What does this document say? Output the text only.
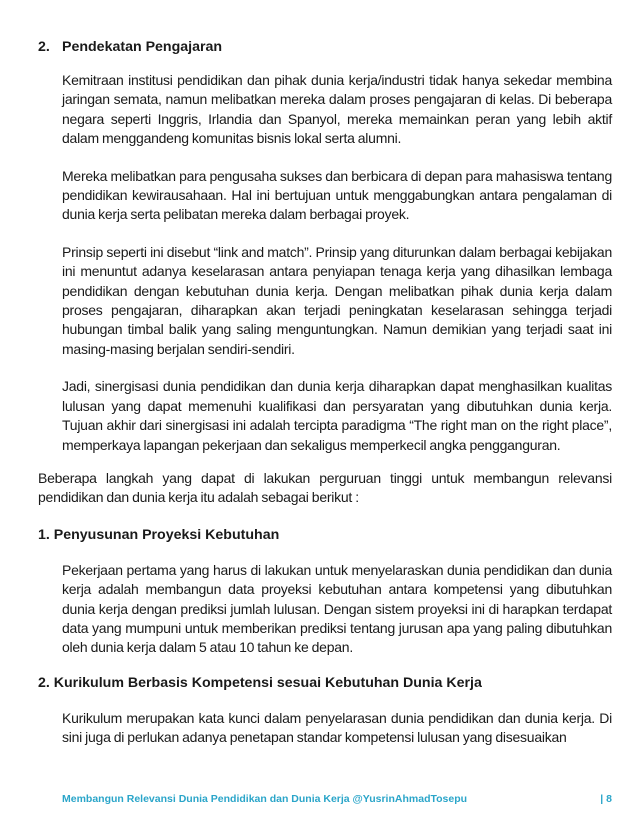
2. Pendekatan Pengajaran

Kemitraan institusi pendidikan dan pihak dunia kerja/industri tidak hanya sekedar membina jaringan semata, namun melibatkan mereka dalam proses pengajaran di kelas. Di beberapa negara seperti Inggris, Irlandia dan Spanyol, mereka memainkan peran yang lebih aktif dalam menggandeng komunitas bisnis lokal serta alumni.

Mereka melibatkan para pengusaha sukses dan berbicara di depan para mahasiswa tentang pendidikan kewirausahaan. Hal ini bertujuan untuk menggabungkan antara pengalaman di dunia kerja serta pelibatan mereka dalam berbagai proyek.

Prinsip seperti ini disebut “link and match”. Prinsip yang diturunkan dalam berbagai kebijakan ini menuntut adanya keselarasan antara penyiapan tenaga kerja yang dihasilkan lembaga pendidikan dengan kebutuhan dunia kerja. Dengan melibatkan pihak dunia kerja dalam proses pengajaran, diharapkan akan terjadi peningkatan keselarasan sehingga terjadi hubungan timbal balik yang saling menguntungkan. Namun demikian yang terjadi saat ini masing-masing berjalan sendiri-sendiri.

Jadi, sinergisasi dunia pendidikan dan dunia kerja diharapkan dapat menghasilkan kualitas lulusan yang dapat memenuhi kualifikasi dan persyaratan yang dibutuhkan dunia kerja. Tujuan akhir dari sinergisasi ini adalah tercipta paradigma “The right man on the right place”, memperkaya lapangan pekerjaan dan sekaligus memperkecil angka pengganguran.

Beberapa langkah yang dapat di lakukan perguruan tinggi untuk membangun relevansi pendidikan dan dunia kerja itu adalah sebagai berikut :

1. Penyusunan Proyeksi Kebutuhan

Pekerjaan pertama yang harus di lakukan untuk menyelaraskan dunia pendidikan dan dunia kerja adalah membangun data proyeksi kebutuhan antara kompetensi yang dibutuhkan dunia kerja dengan prediksi jumlah lulusan. Dengan sistem proyeksi ini di harapkan terdapat data yang mumpuni untuk memberikan prediksi tentang jurusan apa yang paling dibutuhkan oleh dunia kerja dalam 5 atau 10 tahun ke depan.

2. Kurikulum Berbasis Kompetensi sesuai Kebutuhan Dunia Kerja

Kurikulum merupakan kata kunci dalam penyelarasan dunia pendidikan dan dunia kerja. Di sini juga di perlukan adanya penetapan standar kompetensi lulusan yang disesuaikan

Membangun Relevansi Dunia Pendidikan dan Dunia Kerja @YusrinAhmadTosepu	| 8
